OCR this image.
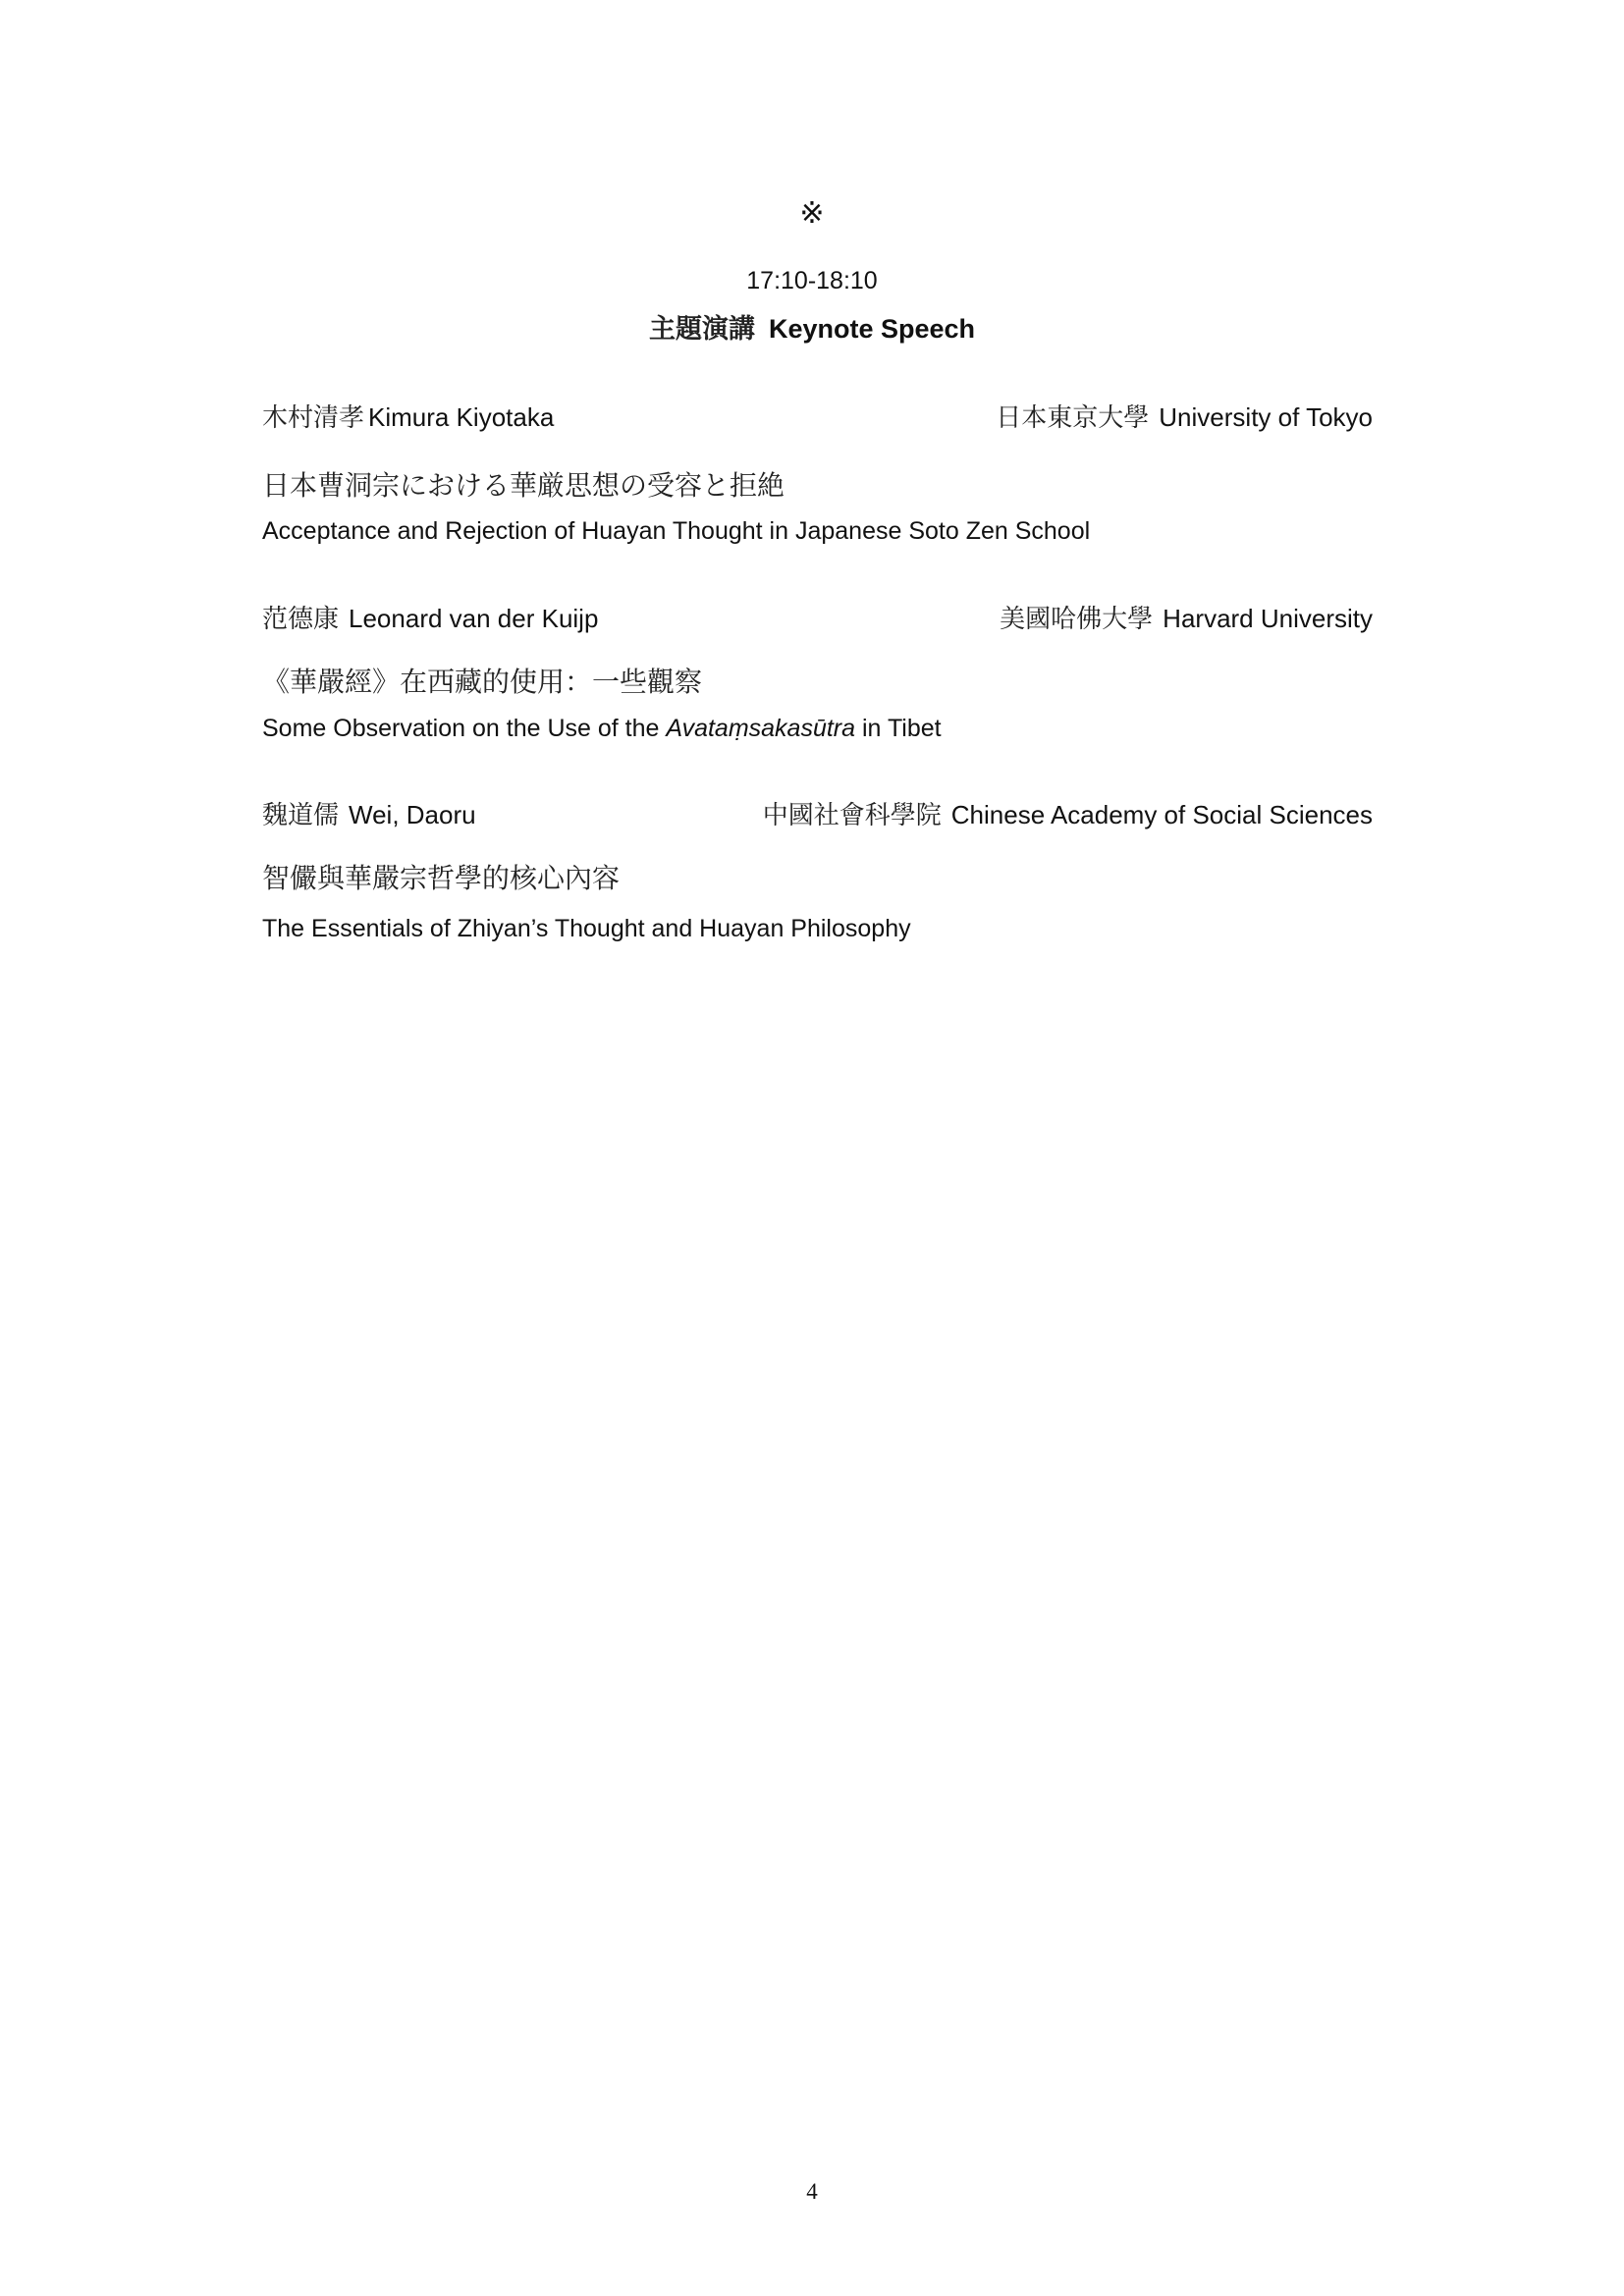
※
17:10-18:10
主題演講 Keynote Speech
木村清孝 Kimura Kiyotaka	日本東京大學 University of Tokyo
日本曹洞宗における華厳思想の受容と拒絶
Acceptance and Rejection of Huayan Thought in Japanese Soto Zen School
范德康 Leonard van der Kuijp	美國哈佛大學 Harvard University
《華嚴經》在西藏的使用：一些觀察
Some Observation on the Use of the Avataṃsakasūtra in Tibet
魏道儒 Wei, Daoru	中國社會科學院 Chinese Academy of Social Sciences
智儼與華嚴宗哲學的核心內容
The Essentials of Zhiyan’s Thought and Huayan Philosophy
4
